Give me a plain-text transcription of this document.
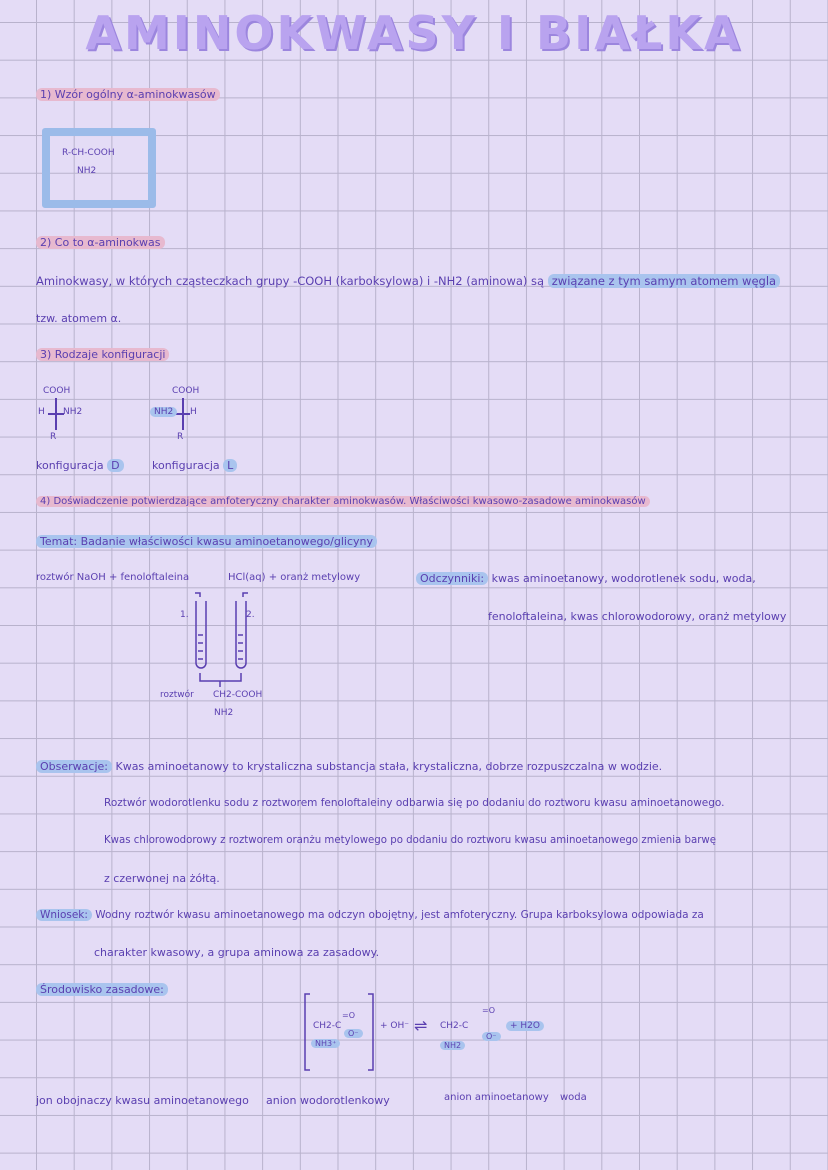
AMINOKWASY I BIAŁKA
1) Wzór ogólny α-aminokwasów
R-CH-COOH
NH2
2) Co to α-aminokwas
Aminokwasy, w których cząsteczkach grupy -COOH (karboksylowa) i -NH2 (aminowa) są związane z tym samym atomem węgla
tzw. atomem α.
3) Rodzaje konfiguracji
COOH
H NH2
R
COOH
NH2	H
R
konfiguracja D	konfiguracja L
4) Doświadczenie potwierdzające amfoteryczny charakter aminokwasów. Właściwości kwasowo-zasadowe aminokwasów
Temat: Badanie właściwości kwasu aminoetanowego/glicyny
roztwór NaOH + fenoloftaleina	HCl(aq) + oranż metylowy
1.	2.
roztwór CH2-COOH
NH2
Odczynniki: kwas aminoetanowy, wodorotlenek sodu, woda,
fenoloftaleina, kwas chlorowodorowy, oranż metylowy
Obserwacje: Kwas aminoetanowy to krystaliczna substancja stała, krystaliczna, dobrze rozpuszczalna w wodzie.
Roztwór wodorotlenku sodu z roztworem fenoloftaleiny odbarwia się po dodaniu do roztworu kwasu aminoetanowego.
Kwas chlorowodorowy z roztworem oranżu metylowego po dodaniu do roztworu kwasu aminoetanowego zmienia barwę
z czerwonej na żółtą.
Wniosek: Wodny roztwór kwasu aminoetanowego ma odczyn obojętny, jest amfoteryczny. Grupa karboksylowa odpowiada za
charakter kwasowy, a grupa aminowa za zasadowy.
Środowisko zasadowe:
CH2-C
=O
O⁻
NH3⁺
+ OH⁻ ⇌ CH2-C
=O
O⁻
NH2
+ H2O
jon obojnaczy kwasu aminoetanowego anion wodorotlenkowy	anion aminoetanowy woda
